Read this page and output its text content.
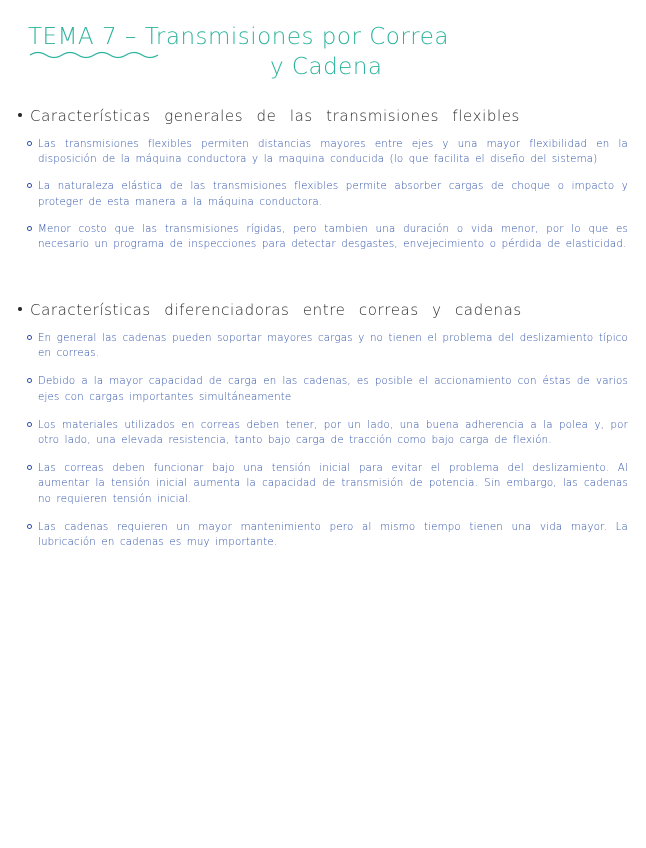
TEMA 7 – Transmisiones por Correa
y Cadena
Características generales de las transmisiones flexibles
Las transmisiones flexibles permiten distancias mayores entre ejes y una mayor flexibilidad en la disposición de la máquina conductora y la maquina conducida (lo que facilita el diseño del sistema)
La naturaleza elástica de las transmisiones flexibles permite absorber cargas de choque o impacto y proteger de esta manera a la máquina conductora.
Menor costo que las transmisiones rígidas, pero tambien una duración o vida menor, por lo que es necesario un programa de inspecciones para detectar desgastes, envejecimiento o pérdida de elasticidad.
Características diferenciadoras entre correas y cadenas
En general las cadenas pueden soportar mayores cargas y no tienen el problema del deslizamiento típico en correas.
Debido a la mayor capacidad de carga en las cadenas, es posible el accionamiento con éstas de varios ejes con cargas importantes simultáneamente
Los materiales utilizados en correas deben tener, por un lado, una buena adherencia a la polea y, por otro lado, una elevada resistencia, tanto bajo carga de tracción como bajo carga de flexión.
Las correas deben funcionar bajo una tensión inicial para evitar el problema del deslizamiento. Al aumentar la tensión inicial aumenta la capacidad de transmisión de potencia. Sin embargo, las cadenas no requieren tensión inicial.
Las cadenas requieren un mayor mantenimiento pero al mismo tiempo tienen una vida mayor. La lubricación en cadenas es muy importante.
